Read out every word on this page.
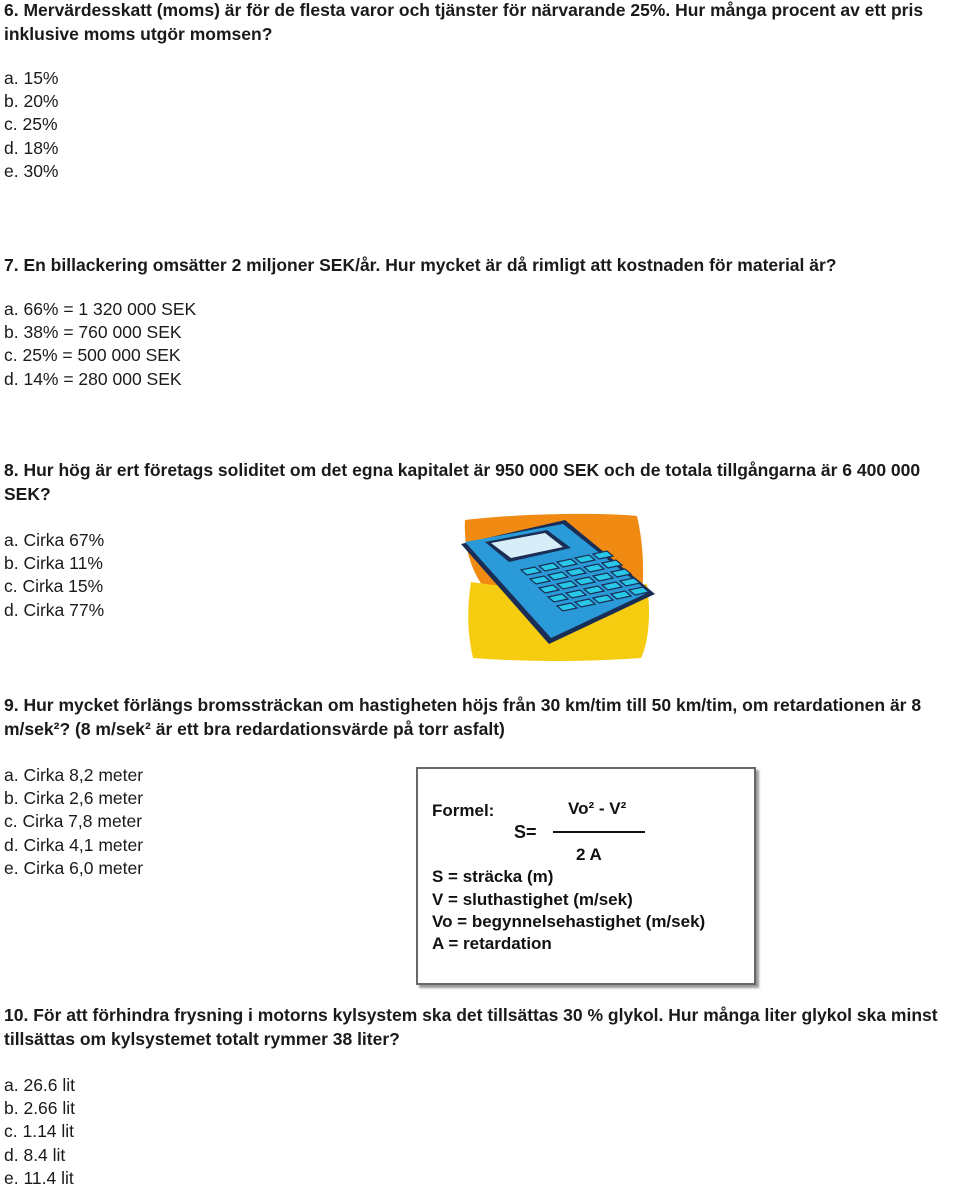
6. Mervärdesskatt (moms) är för de flesta varor och tjänster för närvarande 25%. Hur många procent av ett pris inklusive moms utgör momsen?

a. 15%
b. 20%
c. 25%
d. 18%
e. 30%

7. En billackering omsätter 2 miljoner SEK/år. Hur mycket är då rimligt att kostnaden för material är?

a. 66% = 1 320 000 SEK
b. 38% = 760 000 SEK
c. 25% = 500 000 SEK
d. 14% = 280 000 SEK

8. Hur hög är ert företags soliditet om det egna kapitalet är 950 000 SEK och de totala tillgångarna är 6 400 000 SEK?

a. Cirka 67%
b. Cirka 11%
c. Cirka 15%
d. Cirka 77%

9. Hur mycket förlängs bromssträckan om hastigheten höjs från 30 km/tim till 50 km/tim, om retardationen är 8 m/sek²? (8 m/sek² är ett bra redardationsvärde på torr asfalt)

a. Cirka 8,2 meter
b. Cirka 2,6 meter
c. Cirka 7,8 meter
d. Cirka 4,1 meter
e. Cirka 6,0 meter
Formel:	Vo² - V²
S=
2 A
S = sträcka (m)
V = sluthastighet (m/sek)
Vo = begynnelsehastighet (m/sek)
A = retardation

10. För att förhindra frysning i motorns kylsystem ska det tillsättas 30 % glykol. Hur många liter glykol ska minst tillsättas om kylsystemet totalt rymmer 38 liter?

a. 26.6 lit
b. 2.66 lit
c. 1.14 lit
d. 8.4 lit
e. 11.4 lit
